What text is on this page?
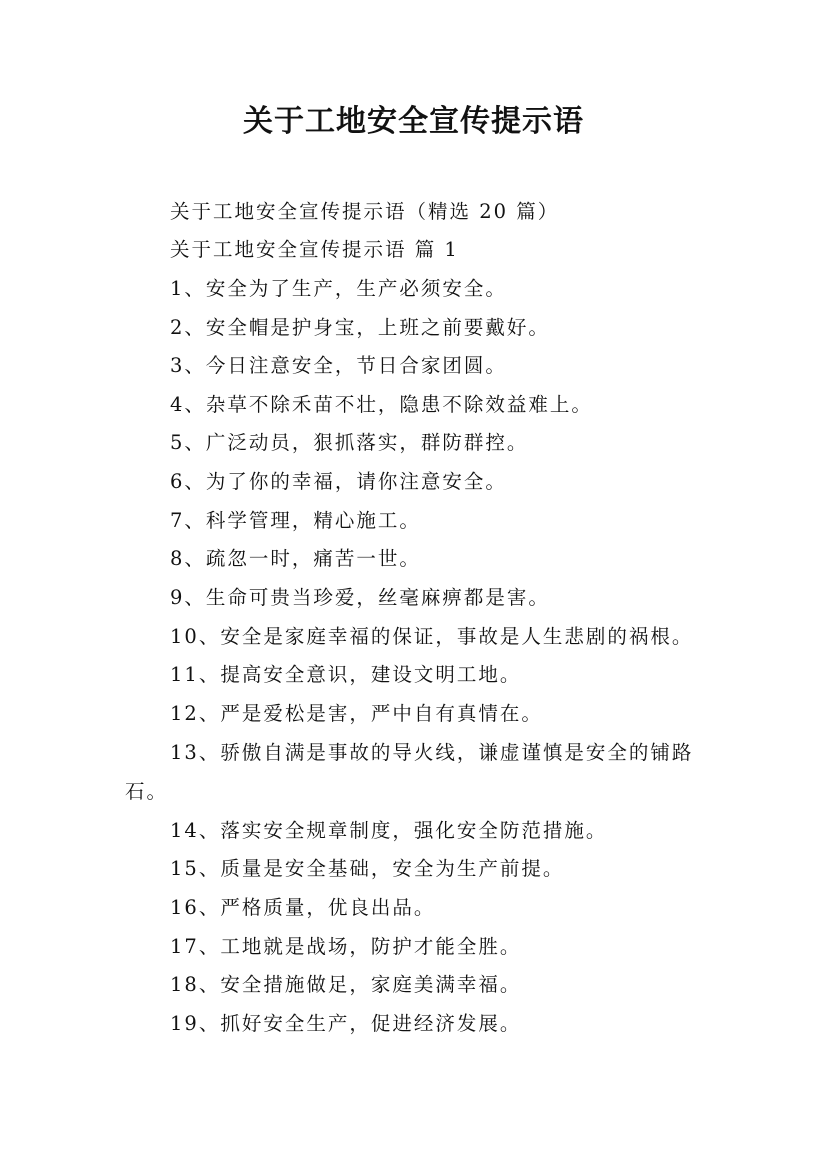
关于工地安全宣传提示语
关于工地安全宣传提示语（精选 20 篇）
关于工地安全宣传提示语 篇 1
1、安全为了生产，生产必须安全。
2、安全帽是护身宝，上班之前要戴好。
3、今日注意安全，节日合家团圆。
4、杂草不除禾苗不壮，隐患不除效益难上。
5、广泛动员，狠抓落实，群防群控。
6、为了你的幸福，请你注意安全。
7、科学管理，精心施工。
8、疏忽一时，痛苦一世。
9、生命可贵当珍爱，丝毫麻痹都是害。
10、安全是家庭幸福的保证，事故是人生悲剧的祸根。
11、提高安全意识，建设文明工地。
12、严是爱松是害，严中自有真情在。
13、骄傲自满是事故的导火线，谦虚谨慎是安全的铺路
石。
14、落实安全规章制度，强化安全防范措施。
15、质量是安全基础，安全为生产前提。
16、严格质量，优良出品。
17、工地就是战场，防护才能全胜。
18、安全措施做足，家庭美满幸福。
19、抓好安全生产，促进经济发展。
